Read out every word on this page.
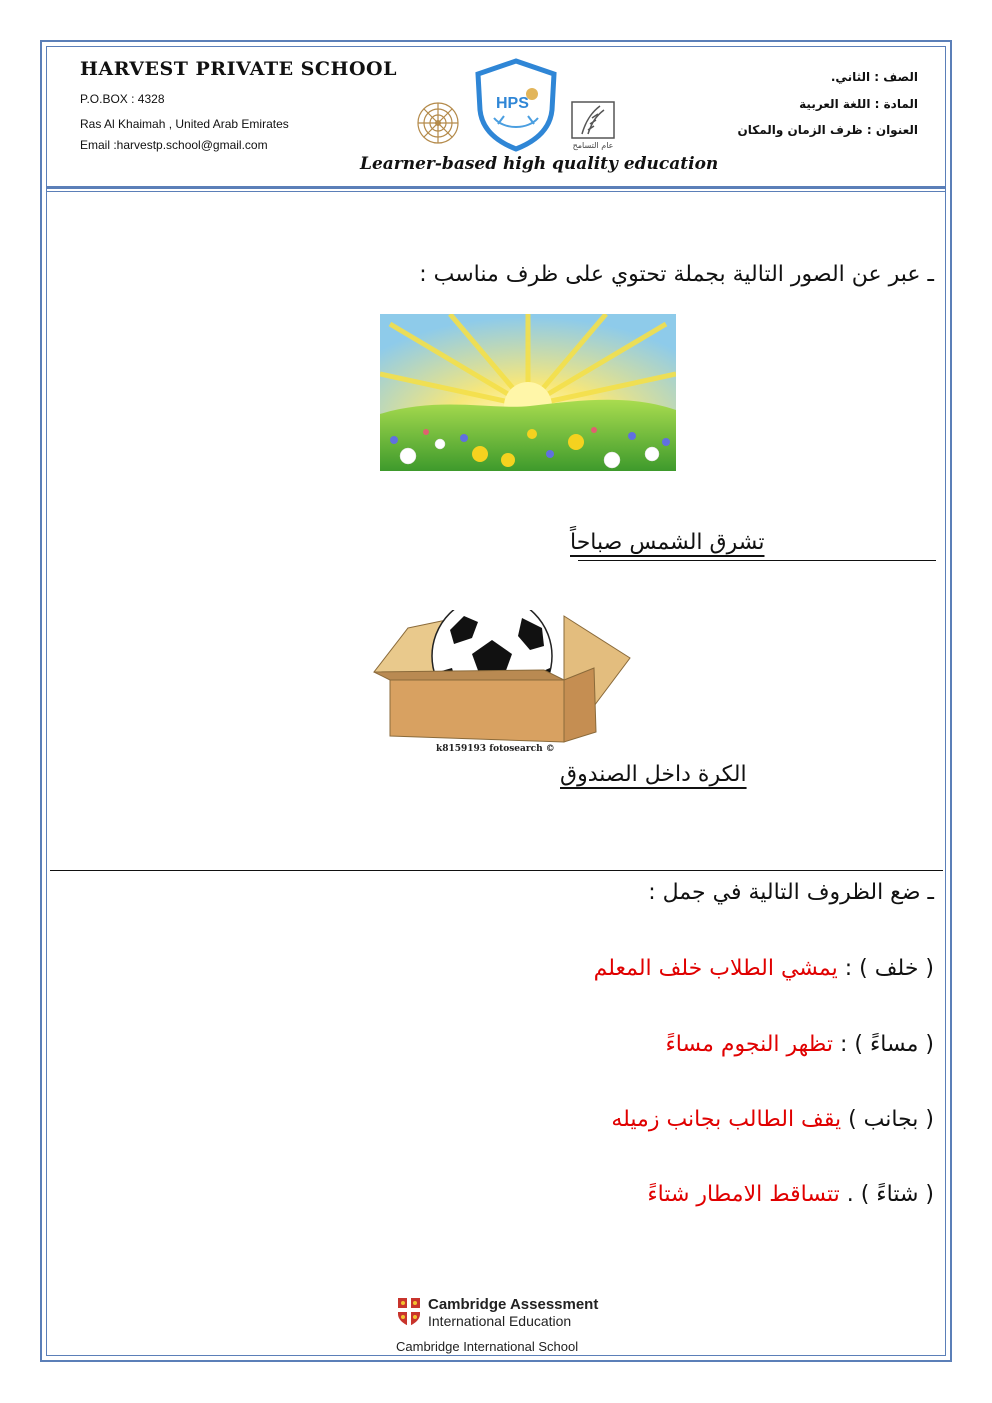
HARVEST PRIVATE SCHOOL
P.O.BOX : 4328
Ras Al Khaimah , United Arab Emirates
Email :harvestp.school@gmail.com
HPS
عام التسامح
Learner-based high quality education
الصف : الثاني.
المادة : اللغة العربية
العنوان : ظرف الزمان والمكان
ـ عبر عن الصور التالية بجملة تحتوي على ظرف مناسب :
تشرق الشمس صباحاً
k8159193 fotosearch ©
الكرة داخل الصندوق
ـ ضع الظروف التالية في جمل :
( خلف ) : يمشي الطلاب خلف المعلم
( مساءً ) : تظهر النجوم مساءً
( بجانب ) يقف الطالب بجانب زميله
( شتاءً ) . تتساقط الامطار شتاءً
Cambridge Assessment
International Education
Cambridge International School
